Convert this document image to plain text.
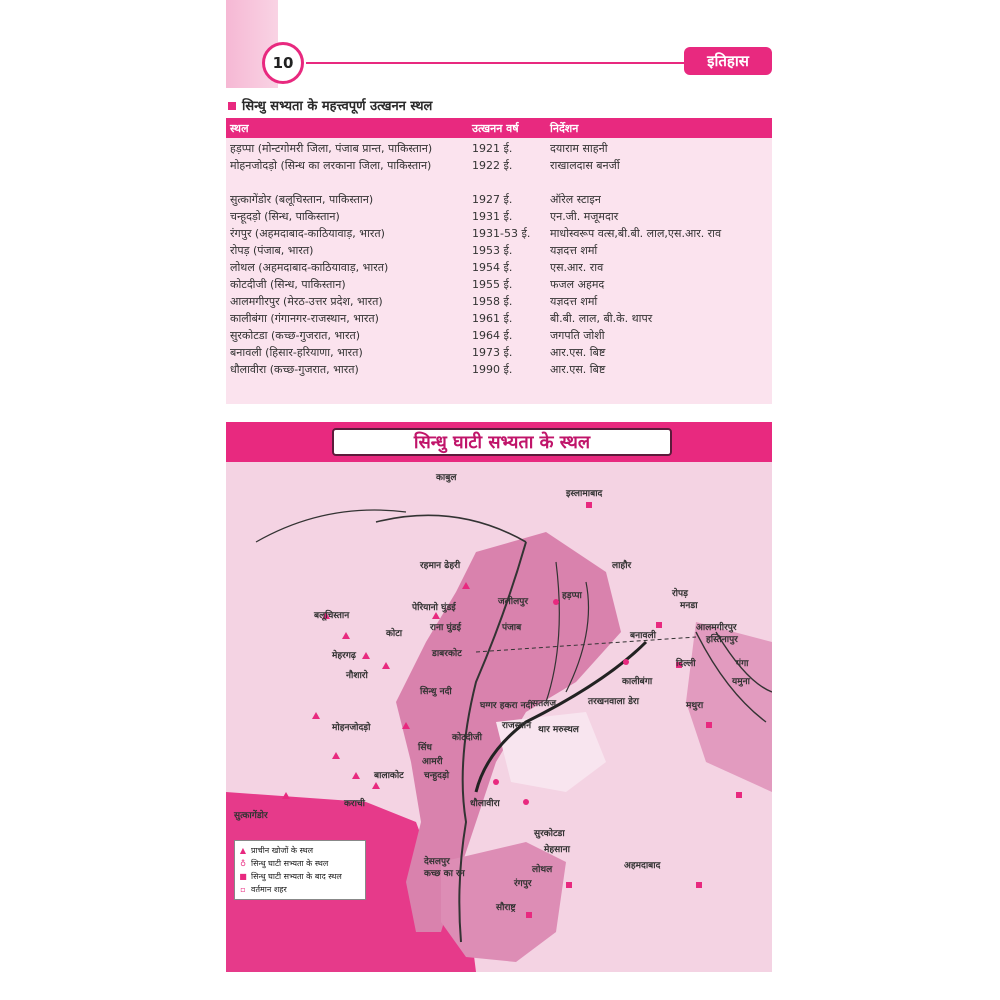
10	इतिहास
सिन्धु सभ्यता के महत्त्वपूर्ण उत्खनन स्थल
स्थल	उत्खनन वर्ष	निर्देशन
हड़प्पा (मोन्टगोमरी जिला, पंजाब प्रान्त, पाकिस्तान)	1921 ई.	दयाराम साहनी
मोहनजोदड़ो (सिन्ध का लरकाना जिला, पाकिस्तान)	1922 ई.	राखालदास बनर्जी
सुत्कागेंडोर (बलूचिस्तान, पाकिस्तान)	1927 ई.	ऑरेल स्टाइन
चन्हूदड़ो (सिन्ध, पाकिस्तान)	1931 ई.	एन.जी. मजूमदार
रंगपुर (अहमदाबाद-काठियावाड़, भारत)	1931-53 ई.	माधोस्वरूप वत्स,बी.बी. लाल,एस.आर. राव
रोपड़ (पंजाब, भारत)	1953 ई.	यज्ञदत्त शर्मा
लोथल (अहमदाबाद-काठियावाड़, भारत)	1954 ई.	एस.आर. राव
कोटदीजी (सिन्ध, पाकिस्तान)	1955 ई.	फजल अहमद
आलमगीरपुर (मेरठ-उत्तर प्रदेश, भारत)	1958 ई.	यज्ञदत्त शर्मा
कालीबंगा (गंगानगर-राजस्थान, भारत)	1961 ई.	बी.बी. लाल, बी.के. थापर
सुरकोटडा (कच्छ-गुजरात, भारत)	1964 ई.	जगपति जोशी
बनावली (हिसार-हरियाणा, भारत)	1973 ई.	आर.एस. बिष्ट
धौलावीरा (कच्छ-गुजरात, भारत)	1990 ई.	आर.एस. बिष्ट
सिन्धु घाटी सभ्यता के स्थल
काबुल
इस्लामाबाद
रहमान ढेहरी
जलीलपुर
हड़प्पा
लाहौर
रोपड़
मनडा
बलूचिस्तान
पेरियानो घुंडई
राना घुंडई	पंजाब	आलमगीरपुर
हस्तिनापुर
बनावली
कोटा
मेहरगढ़	डाबरकोट
नौशारो
दिल्ली	गंगा
यमुना
कालीबंगा
सिन्धु नदी
घग्गर हकरा नदी सतलज	तरखनवाला डेरा	मथुरा
मोहनजोदड़ो
कोटदीजी
राजस्थान थार मरुस्थल
सिंध
आमरी
बालाकोट चन्हुदड़ो
कराची
सुत्कागेंडोर
धौलावीरा
सुरकोटडा
देसलपुर
कच्छ का रन
मेहसाना
लोथल	अहमदाबाद
रंगपुर
सौराष्ट्र
▲ प्राचीन खोजों के स्थल
♁ सिन्धु घाटी सभ्यता के स्थल
■ सिन्धु घाटी सभ्यता के बाद स्थल
▫ वर्तमान शहर
